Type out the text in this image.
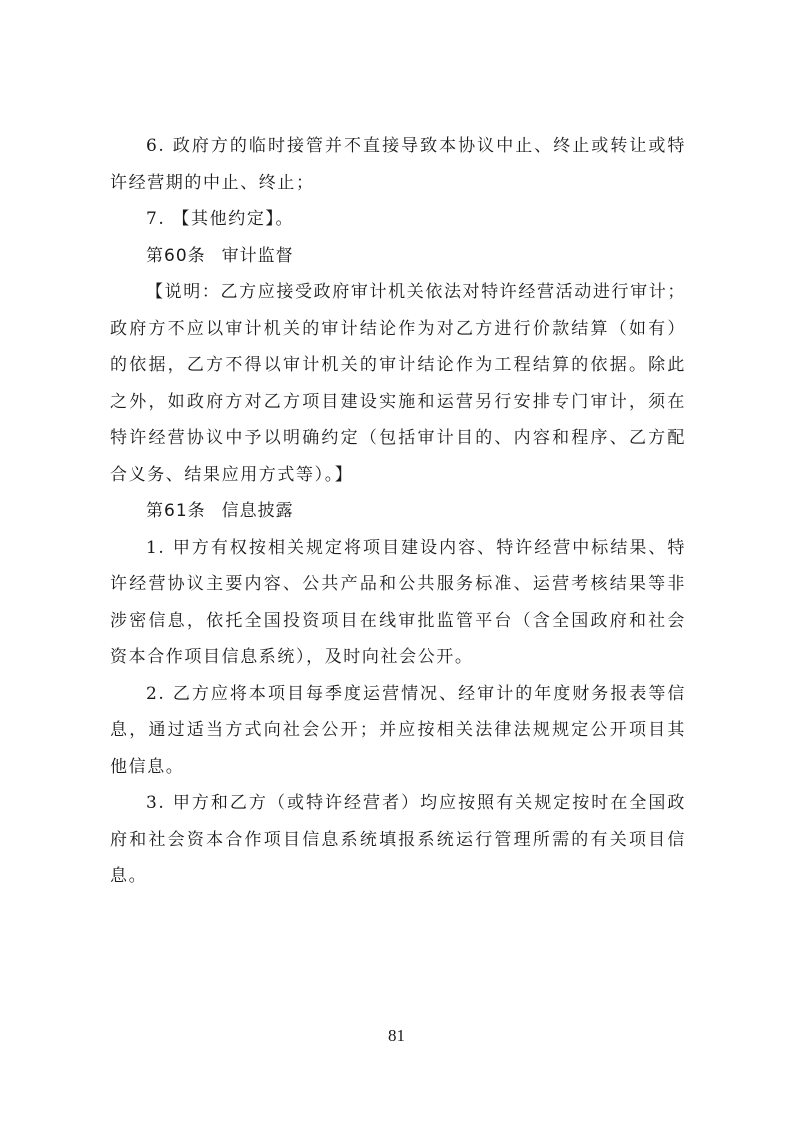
6. 政府方的临时接管并不直接导致本协议中止、终止或转让或特许经营期的中止、终止；

7. 【其他约定】。

第60条 审计监督

【说明：乙方应接受政府审计机关依法对特许经营活动进行审计；政府方不应以审计机关的审计结论作为对乙方进行价款结算（如有）的依据，乙方不得以审计机关的审计结论作为工程结算的依据。除此之外，如政府方对乙方项目建设实施和运营另行安排专门审计，须在特许经营协议中予以明确约定（包括审计目的、内容和程序、乙方配合义务、结果应用方式等）。】

第61条 信息披露

1. 甲方有权按相关规定将项目建设内容、特许经营中标结果、特许经营协议主要内容、公共产品和公共服务标准、运营考核结果等非涉密信息，依托全国投资项目在线审批监管平台（含全国政府和社会资本合作项目信息系统），及时向社会公开。

2. 乙方应将本项目每季度运营情况、经审计的年度财务报表等信息，通过适当方式向社会公开；并应按相关法律法规规定公开项目其他信息。

3. 甲方和乙方（或特许经营者）均应按照有关规定按时在全国政府和社会资本合作项目信息系统填报系统运行管理所需的有关项目信息。

81
